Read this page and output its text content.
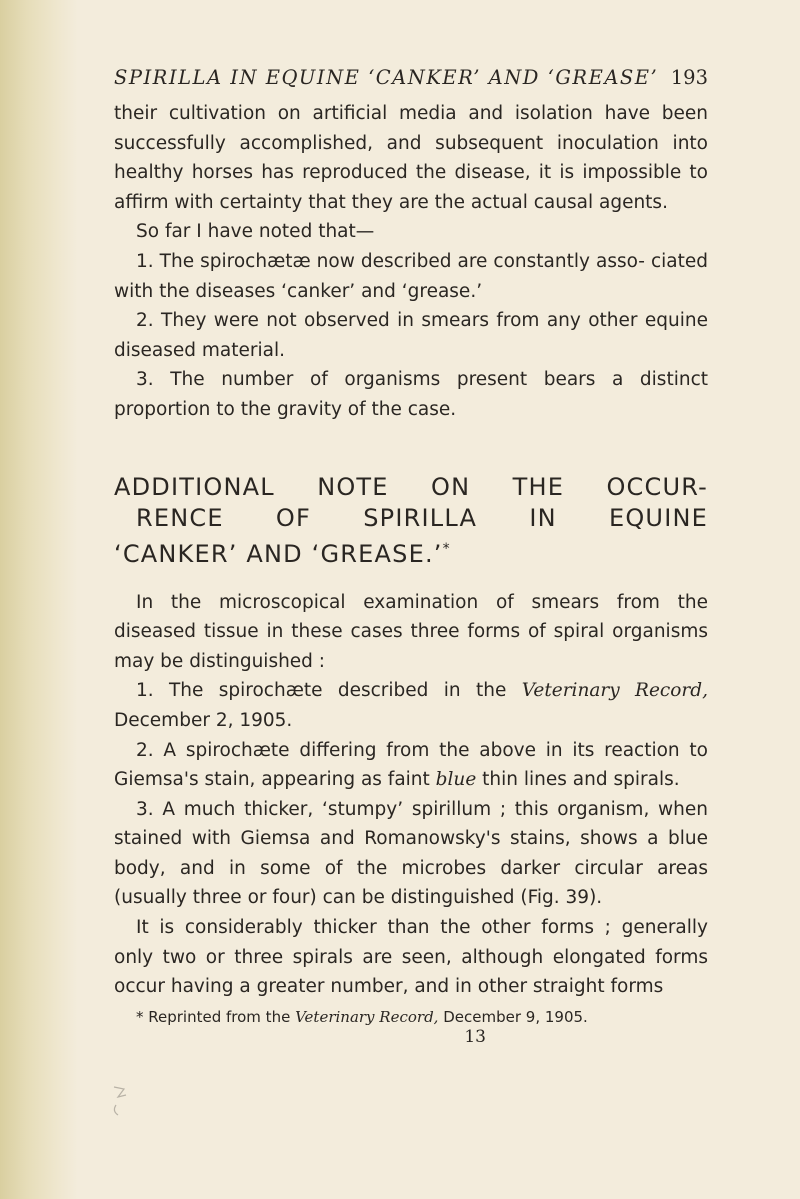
SPIRILLA IN EQUINE ‘CANKER’ AND ‘GREASE’ 193

their cultivation on artificial media and isolation have been successfully accomplished, and subsequent inoculation into healthy horses has reproduced the disease, it is impossible to affirm with certainty that they are the actual causal agents.

So far I have noted that—

1. The spirochætæ now described are constantly asso- ciated with the diseases ‘canker’ and ‘grease.’

2. They were not observed in smears from any other equine diseased material.

3. The number of organisms present bears a distinct proportion to the gravity of the case.

ADDITIONAL NOTE ON THE OCCUR-
RENCE OF SPIRILLA IN EQUINE
‘CANKER’ AND ‘GREASE.’*

In the microscopical examination of smears from the diseased tissue in these cases three forms of spiral organisms may be distinguished :

1. The spirochæte described in the Veterinary Record, December 2, 1905.

2. A spirochæte differing from the above in its reaction to Giemsa's stain, appearing as faint blue thin lines and spirals.

3. A much thicker, ‘stumpy’ spirillum ; this organism, when stained with Giemsa and Romanowsky's stains, shows a blue body, and in some of the microbes darker circular areas (usually three or four) can be distinguished (Fig. 39).

It is considerably thicker than the other forms ; generally only two or three spirals are seen, although elongated forms occur having a greater number, and in other straight forms

* Reprinted from the Veterinary Record, December 9, 1905.
13
